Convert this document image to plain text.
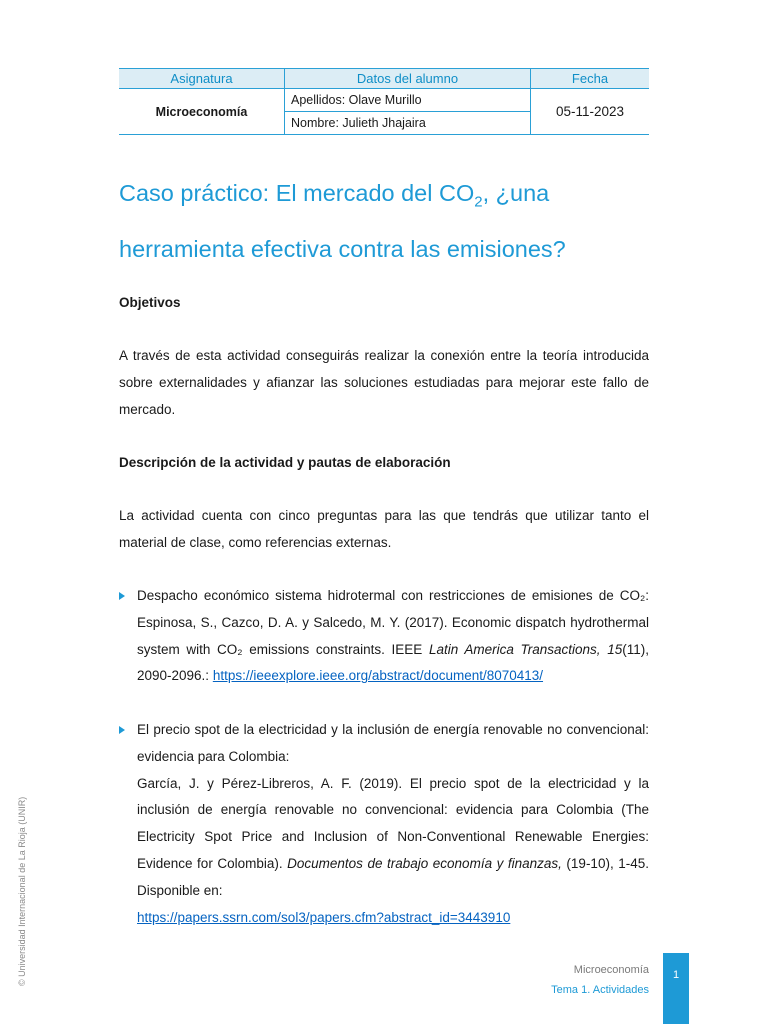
Asignatura	Datos del alumno	Fecha
Microeconomía	Apellidos: Olave Murillo	05-11-2023
	Nombre: Julieth Jhajaira	
Caso práctico: El mercado del $CO_2$, ¿una
herramienta efectiva contra las emisiones?
Objetivos
A través de esta actividad conseguirás realizar la conexión entre la teoría introducida sobre externalidades y afianzar las soluciones estudiadas para mejorar este fallo de mercado.
Descripción de la actividad y pautas de elaboración
La actividad cuenta con cinco preguntas para las que tendrás que utilizar tanto el material de clase, como referencias externas.
Despacho económico sistema hidrotermal con restricciones de emisiones de CO₂: Espinosa, S., Cazco, D. A. y Salcedo, M. Y. (2017). Economic dispatch hydrothermal system with CO₂ emissions constraints. IEEE Latin America Transactions, 15(11), 2090-2096.: https://ieeexplore.ieee.org/abstract/document/8070413/
El precio spot de la electricidad y la inclusión de energía renovable no convencional: evidencia para Colombia:
García, J. y Pérez-Libreros, A. F. (2019). El precio spot de la electricidad y la inclusión de energía renovable no convencional: evidencia para Colombia (The Electricity Spot Price and Inclusion of Non-Conventional Renewable Energies: Evidence for Colombia). Documentos de trabajo economía y finanzas, (19-10), 1-45. Disponible en:
https://papers.ssrn.com/sol3/papers.cfm?abstract_id=3443910
Microeconomía
Tema 1. Actividades
1
© Universidad Internacional de La Rioja (UNIR)
